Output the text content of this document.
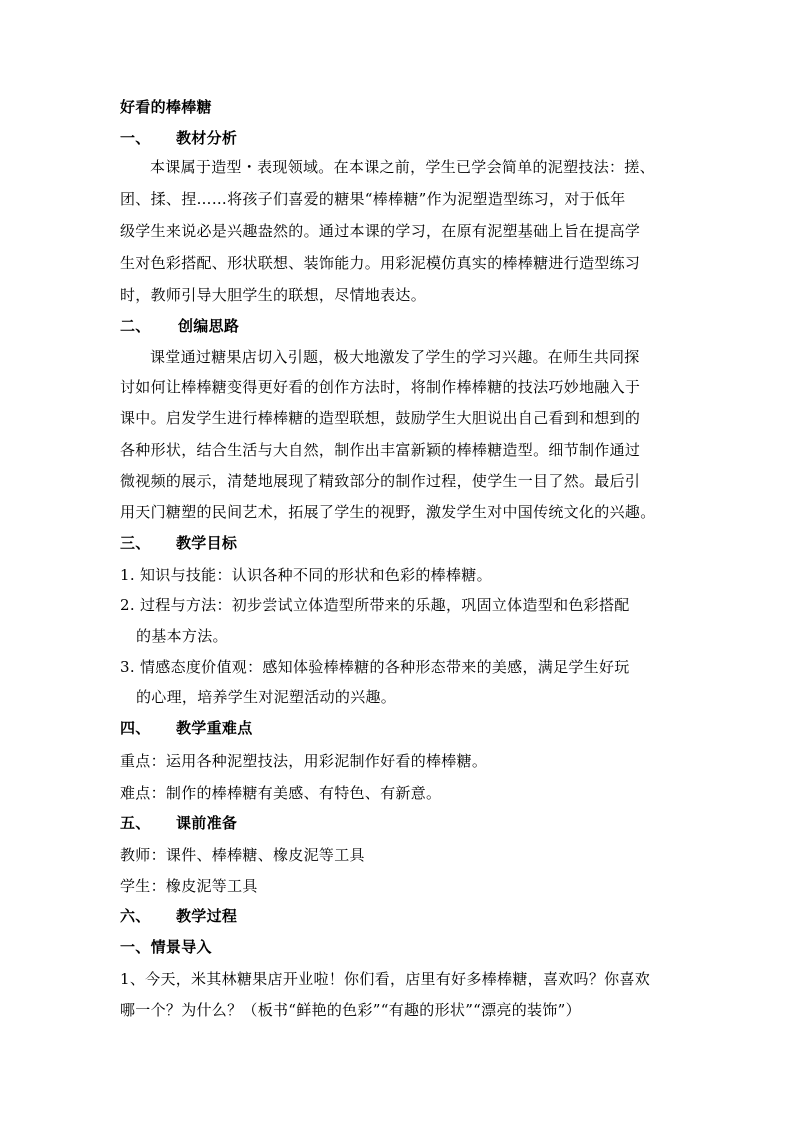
好看的棒棒糖
一、 教材分析
本课属于造型・表现领域。在本课之前，学生已学会简单的泥塑技法：搓、
团、揉、捏……将孩子们喜爱的糖果“棒棒糖”作为泥塑造型练习，对于低年
级学生来说必是兴趣盎然的。通过本课的学习，在原有泥塑基础上旨在提高学
生对色彩搭配、形状联想、装饰能力。用彩泥模仿真实的棒棒糖进行造型练习
时，教师引导大胆学生的联想，尽情地表达。
二、 创编思路
课堂通过糖果店切入引题，极大地激发了学生的学习兴趣。在师生共同探
讨如何让棒棒糖变得更好看的创作方法时，将制作棒棒糖的技法巧妙地融入于
课中。启发学生进行棒棒糖的造型联想，鼓励学生大胆说出自己看到和想到的
各种形状，结合生活与大自然，制作出丰富新颖的棒棒糖造型。细节制作通过
微视频的展示，清楚地展现了精致部分的制作过程，使学生一目了然。最后引
用天门糖塑的民间艺术，拓展了学生的视野，激发学生对中国传统文化的兴趣。
三、 教学目标
1. 知识与技能：认识各种不同的形状和色彩的棒棒糖。
2. 过程与方法：初步尝试立体造型所带来的乐趣，巩固立体造型和色彩搭配
的基本方法。
3. 情感态度价值观：感知体验棒棒糖的各种形态带来的美感，满足学生好玩
的心理，培养学生对泥塑活动的兴趣。
四、 教学重难点
重点：运用各种泥塑技法，用彩泥制作好看的棒棒糖。
难点：制作的棒棒糖有美感、有特色、有新意。
五、 课前准备
教师：课件、棒棒糖、橡皮泥等工具
学生：橡皮泥等工具
六、 教学过程
一、情景导入
1、今天，米其林糖果店开业啦！你们看，店里有好多棒棒糖，喜欢吗？你喜欢
哪一个？为什么？（板书“鲜艳的色彩”“有趣的形状”“漂亮的装饰”）
